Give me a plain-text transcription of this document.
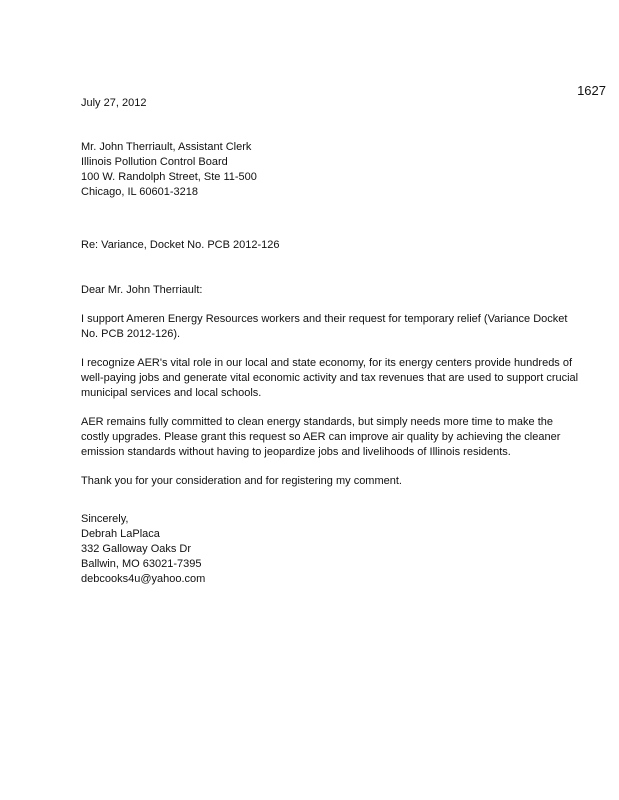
1627
July 27, 2012
Mr. John Therriault, Assistant Clerk
Illinois Pollution Control Board
100 W. Randolph Street, Ste 11-500
Chicago, IL 60601-3218
Re: Variance, Docket No. PCB 2012-126
Dear Mr. John Therriault:

I support Ameren Energy Resources workers and their request for temporary relief (Variance Docket No. PCB 2012-126).

I recognize AER's vital role in our local and state economy, for its energy centers provide hundreds of well-paying jobs and generate vital economic activity and tax revenues that are used to support crucial municipal services and local schools.

AER remains fully committed to clean energy standards, but simply needs more time to make the costly upgrades. Please grant this request so AER can improve air quality by achieving the cleaner emission standards without having to jeopardize jobs and livelihoods of Illinois residents.

Thank you for your consideration and for registering my comment.

Sincerely,
Debrah LaPlaca
332 Galloway Oaks Dr
Ballwin, MO 63021-7395
debcooks4u@yahoo.com
